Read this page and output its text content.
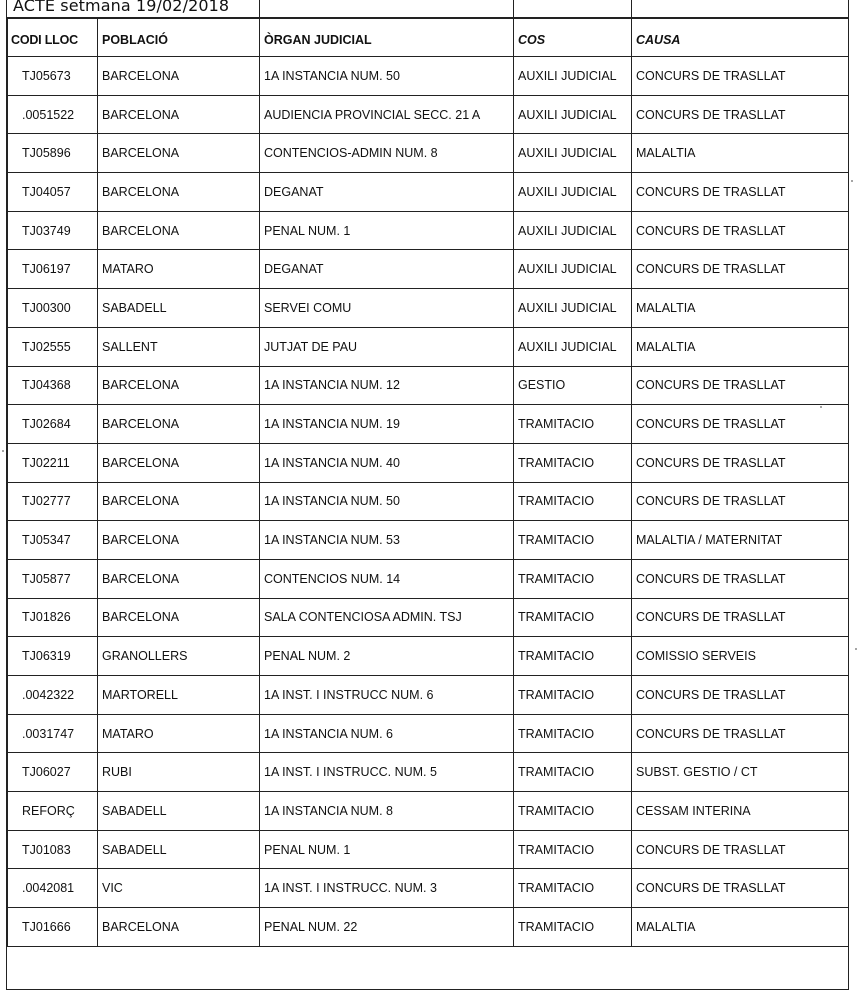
ACTE setmana 19/02/2018
CODI LLOC	POBLACIÓ	ÒRGAN JUDICIAL	COS	CAUSA
TJ05673	BARCELONA	1A INSTANCIA NUM. 50	AUXILI JUDICIAL	CONCURS DE TRASLLAT
.0051522	BARCELONA	AUDIENCIA PROVINCIAL SECC. 21 A	AUXILI JUDICIAL	CONCURS DE TRASLLAT
TJ05896	BARCELONA	CONTENCIOS-ADMIN NUM. 8	AUXILI JUDICIAL	MALALTIA
TJ04057	BARCELONA	DEGANAT	AUXILI JUDICIAL	CONCURS DE TRASLLAT
TJ03749	BARCELONA	PENAL NUM. 1	AUXILI JUDICIAL	CONCURS DE TRASLLAT
TJ06197	MATARO	DEGANAT	AUXILI JUDICIAL	CONCURS DE TRASLLAT
TJ00300	SABADELL	SERVEI COMU	AUXILI JUDICIAL	MALALTIA
TJ02555	SALLENT	JUTJAT DE PAU	AUXILI JUDICIAL	MALALTIA
TJ04368	BARCELONA	1A INSTANCIA NUM. 12	GESTIO	CONCURS DE TRASLLAT
TJ02684	BARCELONA	1A INSTANCIA NUM. 19	TRAMITACIO	CONCURS DE TRASLLAT
TJ02211	BARCELONA	1A INSTANCIA NUM. 40	TRAMITACIO	CONCURS DE TRASLLAT
TJ02777	BARCELONA	1A INSTANCIA NUM. 50	TRAMITACIO	CONCURS DE TRASLLAT
TJ05347	BARCELONA	1A INSTANCIA NUM. 53	TRAMITACIO	MALALTIA / MATERNITAT
TJ05877	BARCELONA	CONTENCIOS NUM. 14	TRAMITACIO	CONCURS DE TRASLLAT
TJ01826	BARCELONA	SALA CONTENCIOSA ADMIN. TSJ	TRAMITACIO	CONCURS DE TRASLLAT
TJ06319	GRANOLLERS	PENAL NUM. 2	TRAMITACIO	COMISSIO SERVEIS
.0042322	MARTORELL	1A INST. I INSTRUCC NUM. 6	TRAMITACIO	CONCURS DE TRASLLAT
.0031747	MATARO	1A INSTANCIA NUM. 6	TRAMITACIO	CONCURS DE TRASLLAT
TJ06027	RUBI	1A INST. I INSTRUCC. NUM. 5	TRAMITACIO	SUBST. GESTIO / CT
REFORÇ	SABADELL	1A INSTANCIA NUM. 8	TRAMITACIO	CESSAM INTERINA
TJ01083	SABADELL	PENAL NUM. 1	TRAMITACIO	CONCURS DE TRASLLAT
.0042081	VIC	1A INST. I INSTRUCC. NUM. 3	TRAMITACIO	CONCURS DE TRASLLAT
TJ01666	BARCELONA	PENAL NUM. 22	TRAMITACIO	MALALTIA
